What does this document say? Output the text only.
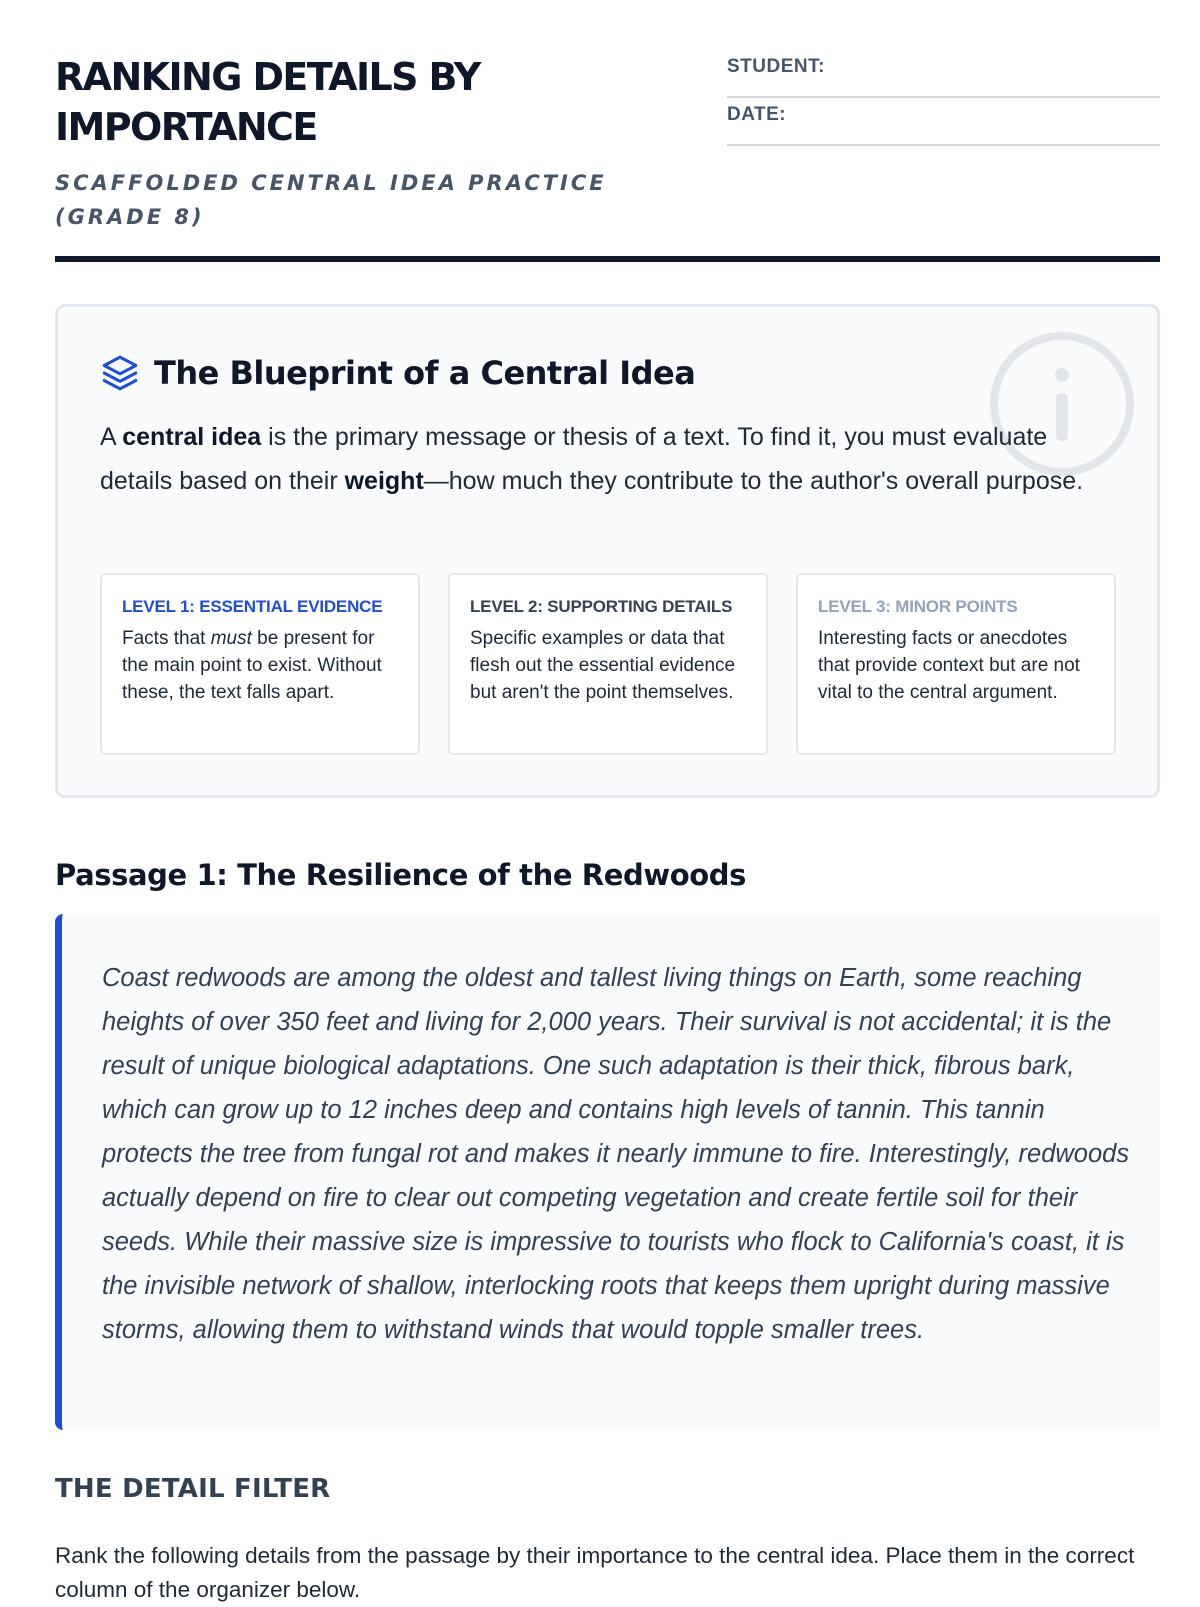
RANKING DETAILS BY IMPORTANCE
SCAFFOLDED CENTRAL IDEA PRACTICE (GRADE 8)
STUDENT:
DATE:
The Blueprint of a Central Idea
A central idea is the primary message or thesis of a text. To find it, you must evaluate details based on their weight—how much they contribute to the author's overall purpose.
LEVEL 1: ESSENTIAL EVIDENCE
Facts that must be present for the main point to exist. Without these, the text falls apart.
LEVEL 2: SUPPORTING DETAILS
Specific examples or data that flesh out the essential evidence but aren't the point themselves.
LEVEL 3: MINOR POINTS
Interesting facts or anecdotes that provide context but are not vital to the central argument.
Passage 1: The Resilience of the Redwoods
Coast redwoods are among the oldest and tallest living things on Earth, some reaching heights of over 350 feet and living for 2,000 years. Their survival is not accidental; it is the result of unique biological adaptations. One such adaptation is their thick, fibrous bark, which can grow up to 12 inches deep and contains high levels of tannin. This tannin protects the tree from fungal rot and makes it nearly immune to fire. Interestingly, redwoods actually depend on fire to clear out competing vegetation and create fertile soil for their seeds. While their massive size is impressive to tourists who flock to California's coast, it is the invisible network of shallow, interlocking roots that keeps them upright during massive storms, allowing them to withstand winds that would topple smaller trees.
THE DETAIL FILTER
Rank the following details from the passage by their importance to the central idea. Place them in the correct column of the organizer below.
